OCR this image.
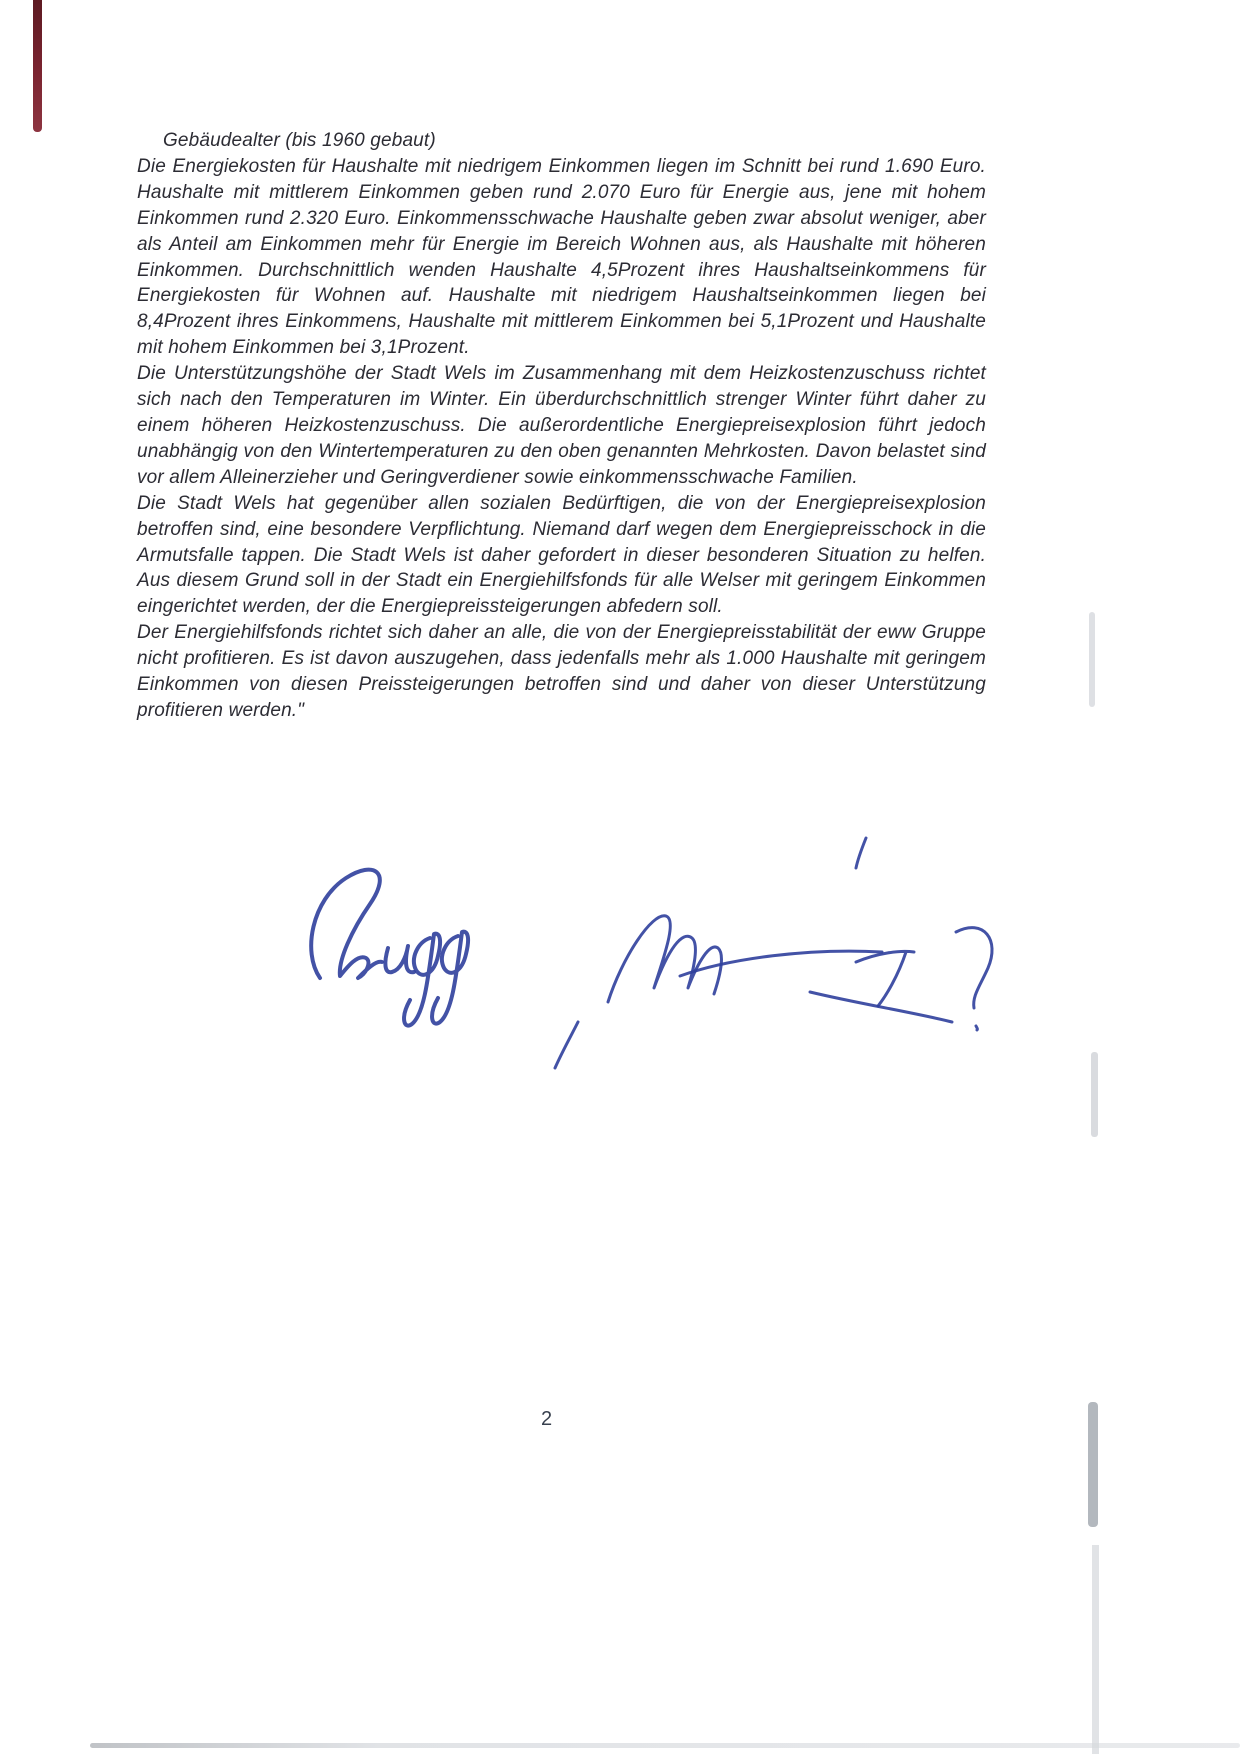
Gebäudealter (bis 1960 gebaut)

Die Energiekosten für Haushalte mit niedrigem Einkommen liegen im Schnitt bei rund 1.690 Euro. Haushalte mit mittlerem Einkommen geben rund 2.070 Euro für Energie aus, jene mit hohem Einkommen rund 2.320 Euro. Einkommensschwache Haushalte geben zwar absolut weniger, aber als Anteil am Einkommen mehr für Energie im Bereich Wohnen aus, als Haushalte mit höheren Einkommen. Durchschnittlich wenden Haushalte 4,5Prozent ihres Haushaltseinkommens für Energiekosten für Wohnen auf. Haushalte mit niedrigem Haushaltseinkommen liegen bei 8,4Prozent ihres Einkommens, Haushalte mit mittlerem Einkommen bei 5,1Prozent und Haushalte mit hohem Einkommen bei 3,1Prozent.

Die Unterstützungshöhe der Stadt Wels im Zusammenhang mit dem Heizkostenzuschuss richtet sich nach den Temperaturen im Winter. Ein überdurchschnittlich strenger Winter führt daher zu einem höheren Heizkostenzuschuss. Die außerordentliche Energiepreisexplosion führt jedoch unabhängig von den Wintertemperaturen zu den oben genannten Mehrkosten. Davon belastet sind vor allem Alleinerzieher und Geringverdiener sowie einkommensschwache Familien.

Die Stadt Wels hat gegenüber allen sozialen Bedürftigen, die von der Energiepreisexplosion betroffen sind, eine besondere Verpflichtung. Niemand darf wegen dem Energiepreisschock in die Armutsfalle tappen. Die Stadt Wels ist daher gefordert in dieser besonderen Situation zu helfen. Aus diesem Grund soll in der Stadt ein Energiehilfsfonds für alle Welser mit geringem Einkommen eingerichtet werden, der die Energiepreissteigerungen abfedern soll.

Der Energiehilfsfonds richtet sich daher an alle, die von der Energiepreisstabilität der eww Gruppe nicht profitieren. Es ist davon auszugehen, dass jedenfalls mehr als 1.000 Haushalte mit geringem Einkommen von diesen Preissteigerungen betroffen sind und daher von dieser Unterstützung profitieren werden."

2
